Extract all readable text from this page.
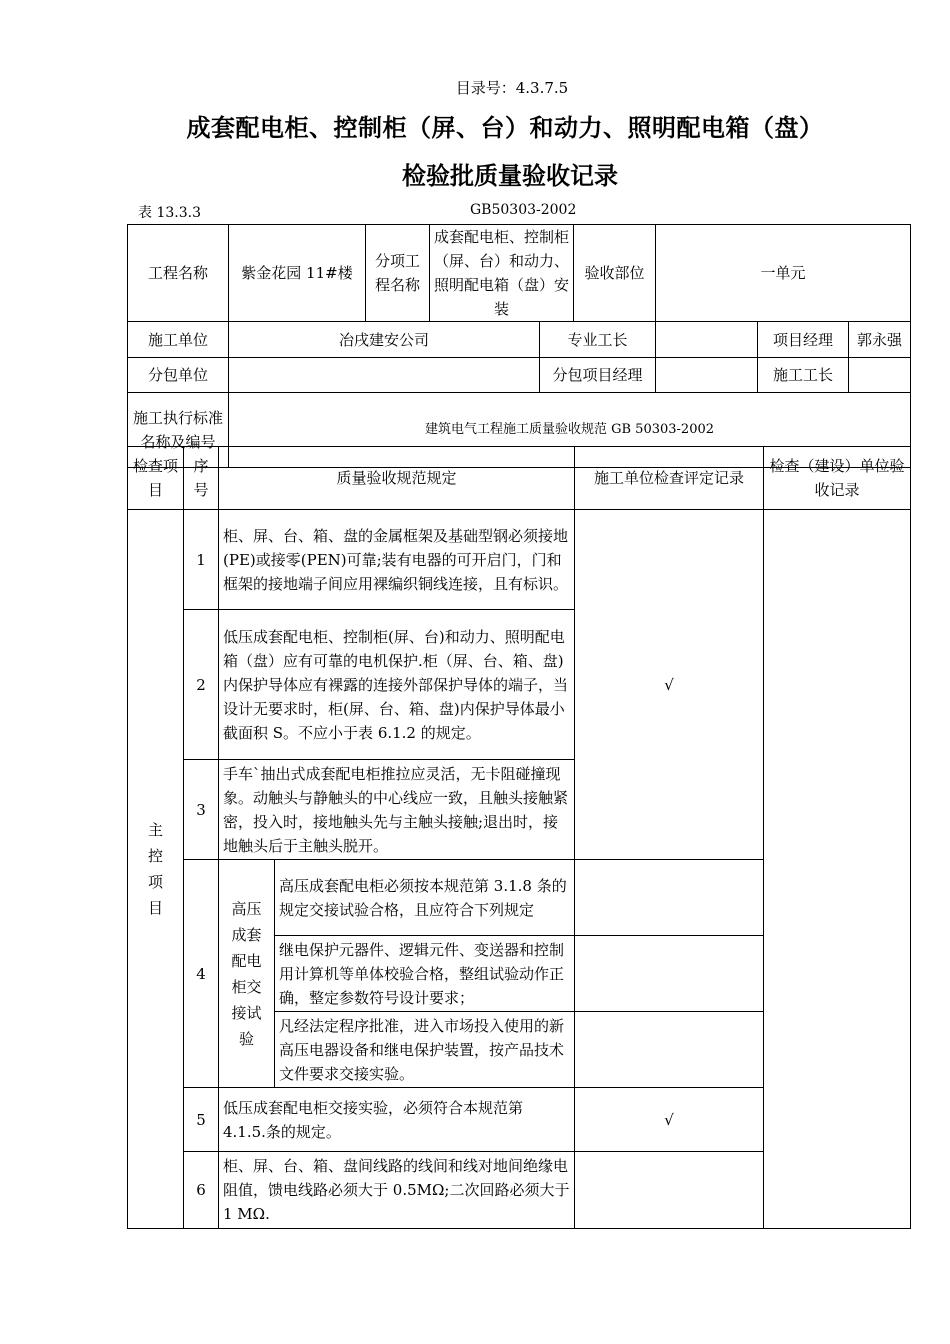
目录号：4.3.7.5
成套配电柜、控制柜（屏、台）和动力、照明配电箱（盘）
检验批质量验收记录
表 13.3.3	GB50303-2002
工程名称	紫金花园 11#楼	分项工程名称	成套配电柜、控制柜（屏、台）和动力、照明配电箱（盘）安装		验收部位	一单元		
施工单位	冶戌建安公司			专业工长			项目经理	郭永强
分包单位				分包项目经理			施工工长	
施工执行标准名称及编号	建筑电气工程施工质量验收规范 GB 50303-2002							
检查项目	序号	质量验收规范规定		施工单位检查评定记录	检查（建设）单位验收记录
主控项目	1	柜、屏、台、箱、盘的金属框架及基础型钢必须接地(PE)或接零(PEN)可靠;装有电器的可开启门，门和框架的接地端子间应用裸编织铜线连接，且有标识。		√	
	2	低压成套配电柜、控制柜(屏、台)和动力、照明配电箱（盘）应有可靠的电机保护.柜（屏、台、箱、盘)内保护导体应有裸露的连接外部保护导体的端子，当设计无要求时，柜(屏、台、箱、盘)内保护导体最小截面积 S。不应小于表 6.1.2 的规定。			
	3	手车`抽出式成套配电柜推拉应灵活，无卡阻碰撞现象。动触头与静触头的中心线应一致，且触头接触紧密，投入时，接地触头先与主触头接触;退出时，接地触头后于主触头脱开。			
	4	高压成套配电柜交接试验	高压成套配电柜必须按本规范第 3.1.8 条的规定交接试验合格，且应符合下列规定		
			继电保护元器件、逻辑元件、变送器和控制用计算机等单体校验合格，整组试验动作正确，整定参数符号设计要求；		
			凡经法定程序批准，进入市场投入使用的新高压电器设备和继电保护装置，按产品技术文件要求交接实验。		
	5	低压成套配电柜交接实验，必须符合本规范第 4.1.5.条的规定。		√	
	6	柜、屏、台、箱、盘间线路的线间和线对地间绝缘电阻值，馈电线路必须大于 0.5MΩ;二次回路必须大于 1 MΩ.			
